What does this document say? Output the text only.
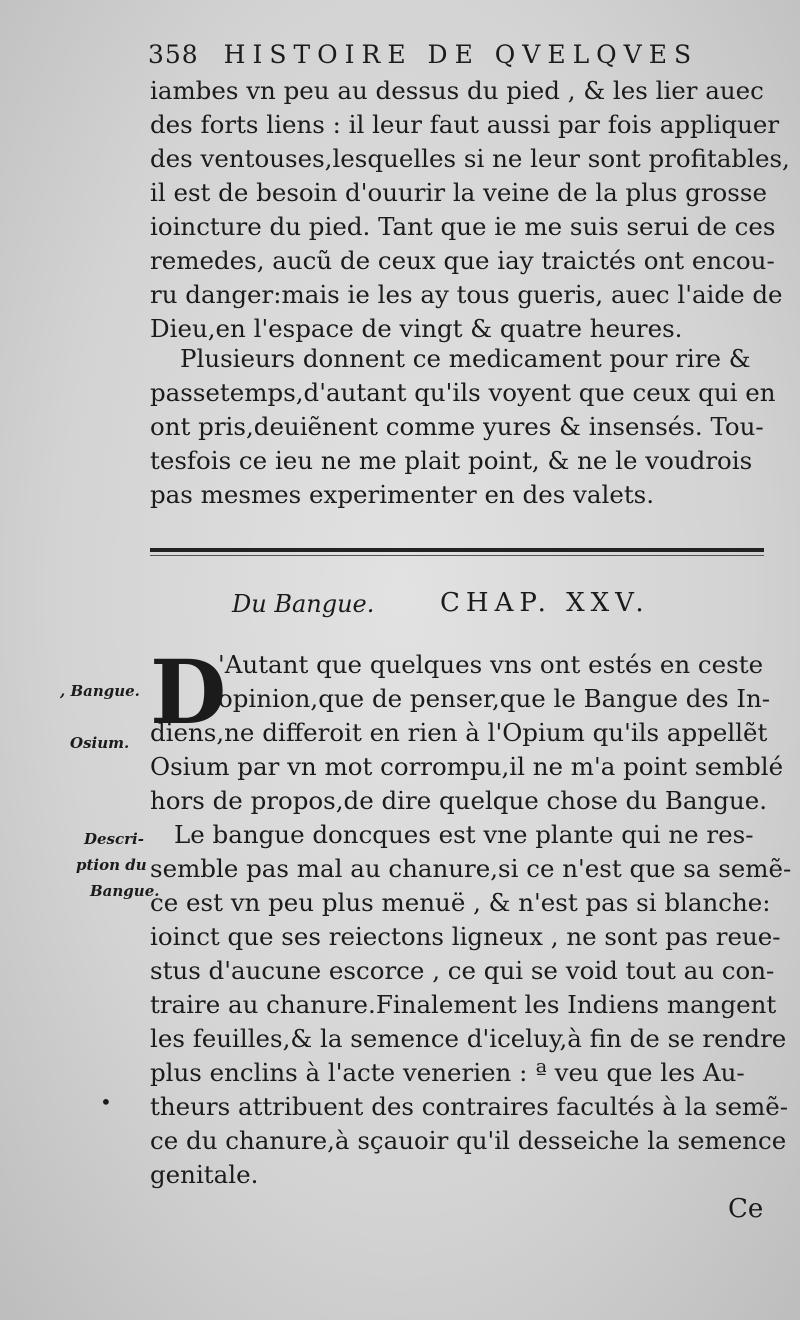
358 HISTOIRE DE QVELQVES
iambes vn peu au dessus du pied , & les lier auec
des forts liens : il leur faut aussi par fois appliquer
des ventouses,lesquelles si ne leur sont profitables,
il est de besoin d'ouurir la veine de la plus grosse
ioincture du pied. Tant que ie me suis serui de ces
remedes, aucũ de ceux que iay traictés ont encou-
ru danger:mais ie les ay tous gueris, auec l'aide de
Dieu,en l'espace de vingt & quatre heures.
Plusieurs donnent ce medicament pour rire &
passetemps,d'autant qu'ils voyent que ceux qui en
ont pris,deuiẽnent comme yures & insensés. Tou-
tesfois ce ieu ne me plait point, & ne le voudrois
pas mesmes experimenter en des valets.
Du Bangue.	CHAP. XXV.
D
'Autant que quelques vns ont estés en ceste
opinion,que de penser,que le Bangue des In-
diens,ne differoit en rien à l'Opium qu'ils appellẽt
Osium par vn mot corrompu,il ne m'a point semblé
hors de propos,de dire quelque chose du Bangue.
Le bangue doncques est vne plante qui ne res-
semble pas mal au chanure,si ce n'est que sa semẽ-
ce est vn peu plus menuë , & n'est pas si blanche:
ioinct que ses reiectons ligneux , ne sont pas reue-
stus d'aucune escorce , ce qui se void tout au con-
traire au chanure.Finalement les Indiens mangent
les feuilles,& la semence d'iceluy,à fin de se rendre
plus enclins à l'acte venerien : ª veu que les Au-
theurs attribuent des contraires facultés à la semẽ-
ce du chanure,à sçauoir qu'il desseiche la semence
genitale.
, Bangue.
Osium.
Descri-
ption du
Bangue.
•
Ce
